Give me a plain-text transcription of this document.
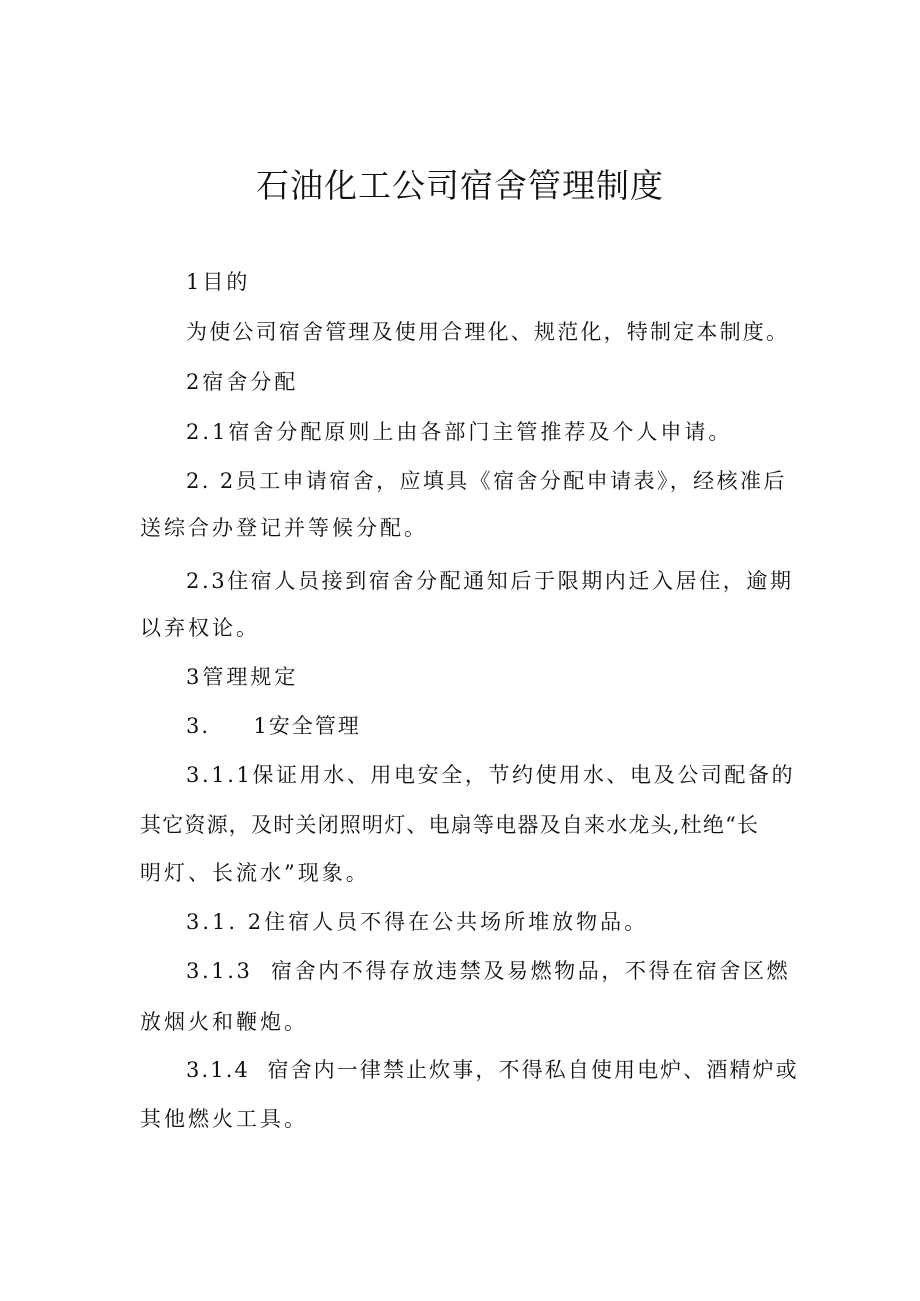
石油化工公司宿舍管理制度

1目的

为使公司宿舍管理及使用合理化、规范化，特制定本制度。

2宿舍分配

2.1宿舍分配原则上由各部门主管推荐及个人申请。

2. 2员工申请宿舍，应填具《宿舍分配申请表》，经核准后

送综合办登记并等候分配。

2.3住宿人员接到宿舍分配通知后于限期内迁入居住，逾期

以弃权论。

3管理规定

3.     1安全管理

3.1.1保证用水、用电安全，节约使用水、电及公司配备的

其它资源，及时关闭照明灯、电扇等电器及自来水龙头,杜绝“长

明灯、长流水”现象。

3.1. 2住宿人员不得在公共场所堆放物品。

3.1.3  宿舍内不得存放违禁及易燃物品，不得在宿舍区燃

放烟火和鞭炮。

3.1.4  宿舍内一律禁止炊事，不得私自使用电炉、酒精炉或

其他燃火工具。
